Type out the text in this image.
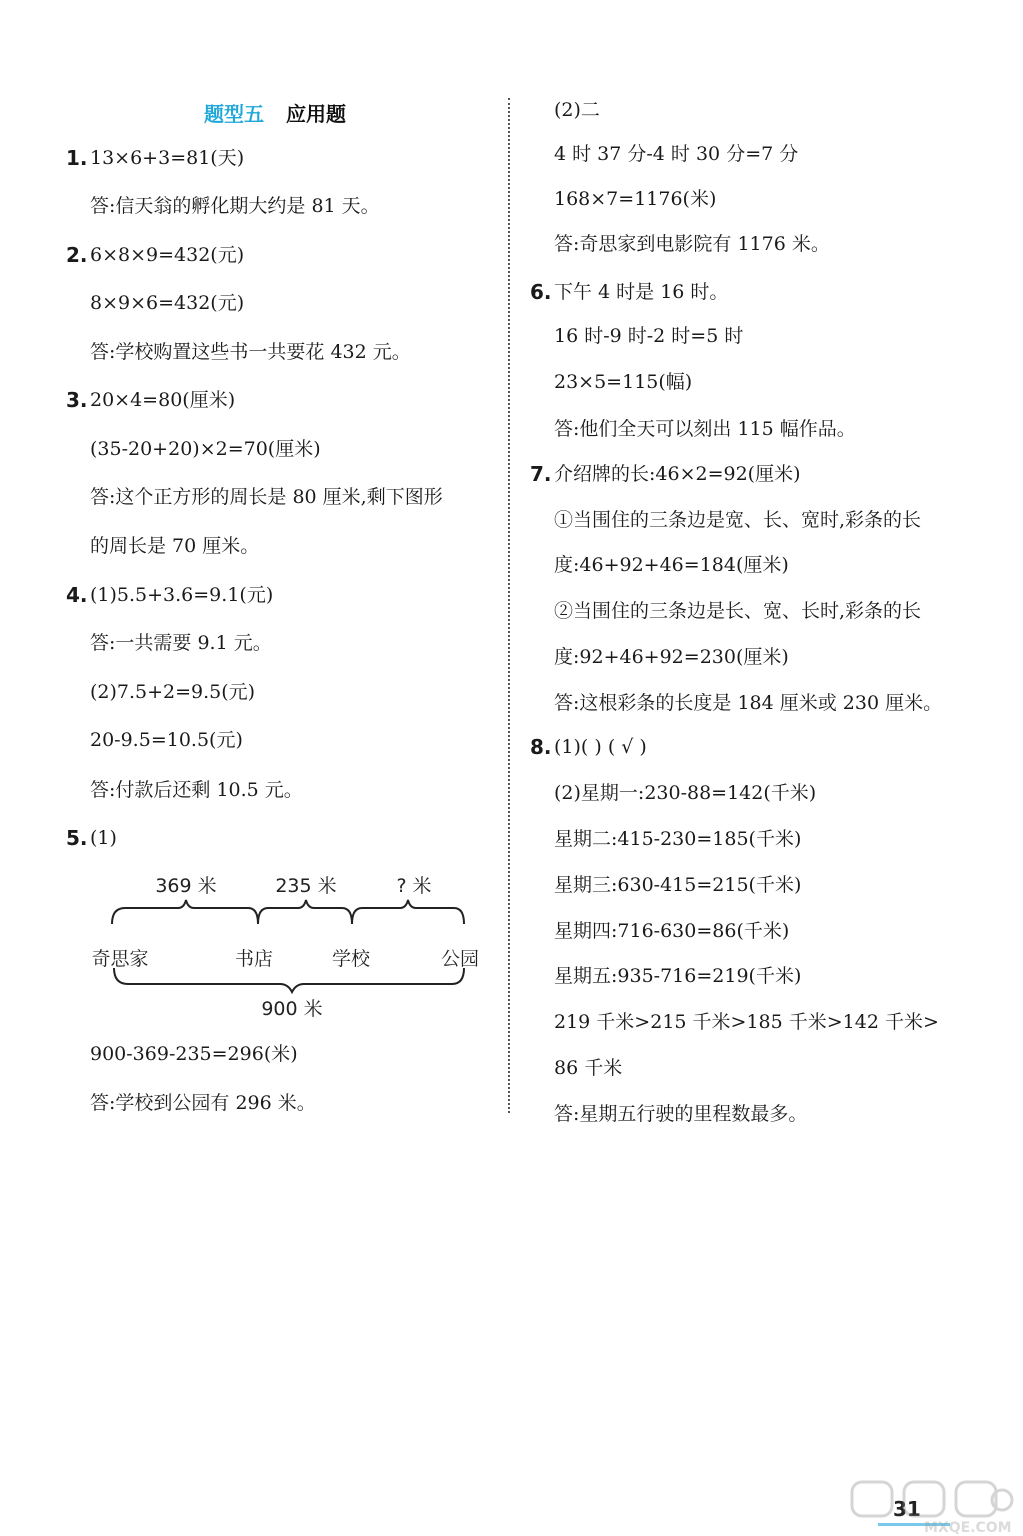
题型五 应用题
1. 13×6+3=81(天)
答:信天翁的孵化期大约是 81 天。
2. 6×8×9=432(元)
8×9×6=432(元)
答:学校购置这些书一共要花 432 元。
3. 20×4=80(厘米)
(35-20+20)×2=70(厘米)
答:这个正方形的周长是 80 厘米,剩下图形
的周长是 70 厘米。
4. (1)5.5+3.6=9.1(元)
答:一共需要 9.1 元。
(2)7.5+2=9.5(元)
20-9.5=10.5(元)
答:付款后还剩 10.5 元。
5. (1)
900-369-235=296(米)
答:学校到公园有 296 米。
(2)二
4 时 37 分-4 时 30 分=7 分
168×7=1176(米)
答:奇思家到电影院有 1176 米。
6. 下午 4 时是 16 时。
16 时-9 时-2 时=5 时
23×5=115(幅)
答:他们全天可以刻出 115 幅作品。
7. 介绍牌的长:46×2=92(厘米)
①当围住的三条边是宽、长、宽时,彩条的长
度:46+92+46=184(厘米)
②当围住的三条边是长、宽、长时,彩条的长
度:92+46+92=230(厘米)
答:这根彩条的长度是 184 厘米或 230 厘米。
8. (1)( ) ( √ )
(2)星期一:230-88=142(千米)
星期二:415-230=185(千米)
星期三:630-415=215(千米)
星期四:716-630=86(千米)
星期五:935-716=219(千米)
219 千米>215 千米>185 千米>142 千米>
86 千米
答:星期五行驶的里程数最多。
369 米	235 米	? 米
奇思家	书店	学校	公园
900 米
31
MXQE.COM
